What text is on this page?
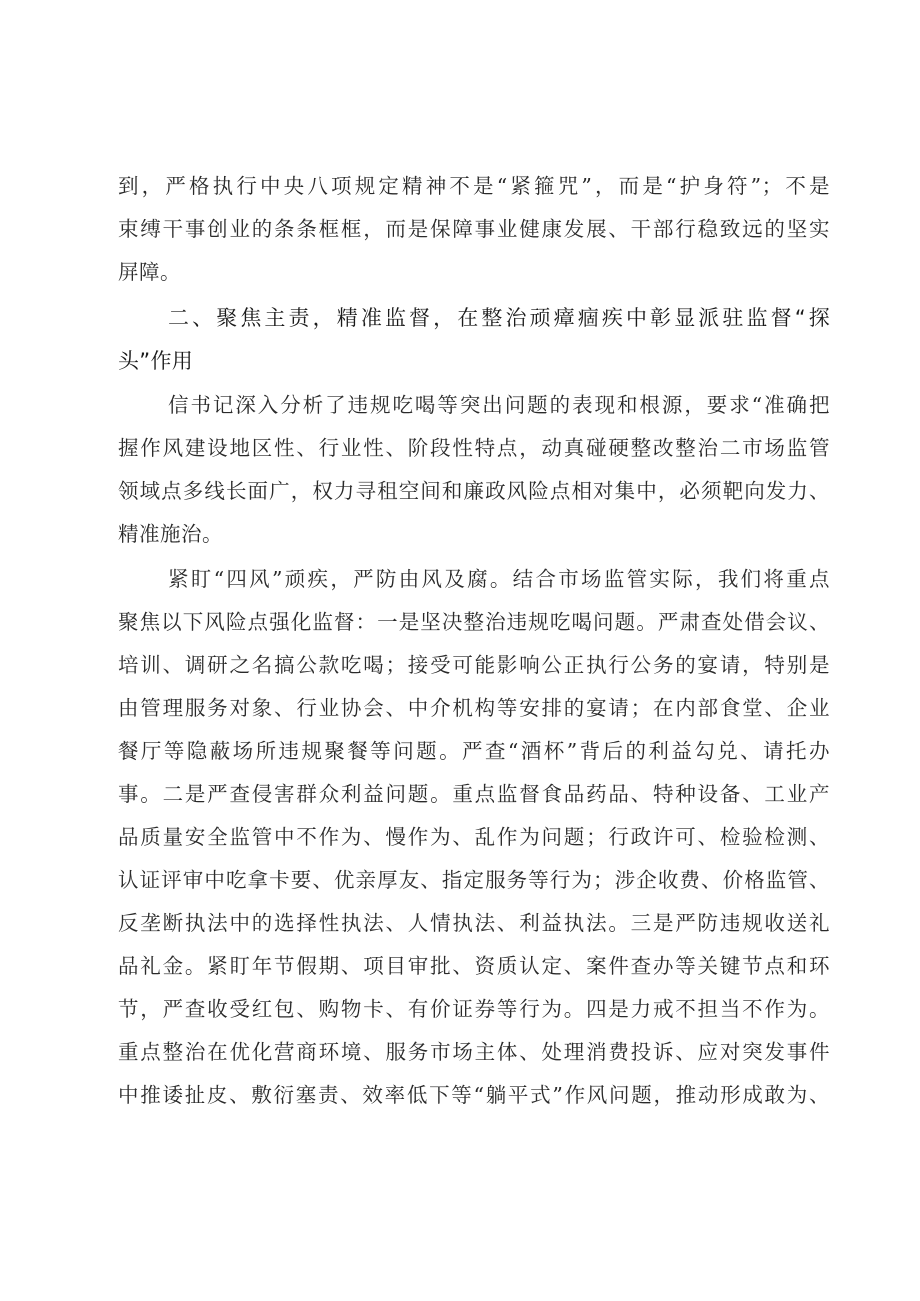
到，严格执行中央八项规定精神不是“紧箍咒”，而是“护身符”；不是
束缚干事创业的条条框框，而是保障事业健康发展、干部行稳致远的坚实
屏障。
二、聚焦主责，精准监督，在整治顽瘴痼疾中彰显派驻监督“探
头”作用
信书记深入分析了违规吃喝等突出问题的表现和根源，要求“准确把
握作风建设地区性、行业性、阶段性特点，动真碰硬整改整治二市场监管
领域点多线长面广，权力寻租空间和廉政风险点相对集中，必须靶向发力、
精准施治。
紧盯“四风”顽疾，严防由风及腐。结合市场监管实际，我们将重点
聚焦以下风险点强化监督：一是坚决整治违规吃喝问题。严肃查处借会议、
培训、调研之名搞公款吃喝；接受可能影响公正执行公务的宴请，特别是
由管理服务对象、行业协会、中介机构等安排的宴请；在内部食堂、企业
餐厅等隐蔽场所违规聚餐等问题。严查“酒杯”背后的利益勾兑、请托办
事。二是严查侵害群众利益问题。重点监督食品药品、特种设备、工业产
品质量安全监管中不作为、慢作为、乱作为问题；行政许可、检验检测、
认证评审中吃拿卡要、优亲厚友、指定服务等行为；涉企收费、价格监管、
反垄断执法中的选择性执法、人情执法、利益执法。三是严防违规收送礼
品礼金。紧盯年节假期、项目审批、资质认定、案件查办等关键节点和环
节，严查收受红包、购物卡、有价证券等行为。四是力戒不担当不作为。
重点整治在优化营商环境、服务市场主体、处理消费投诉、应对突发事件
中推诿扯皮、敷衍塞责、效率低下等“躺平式”作风问题，推动形成敢为、
